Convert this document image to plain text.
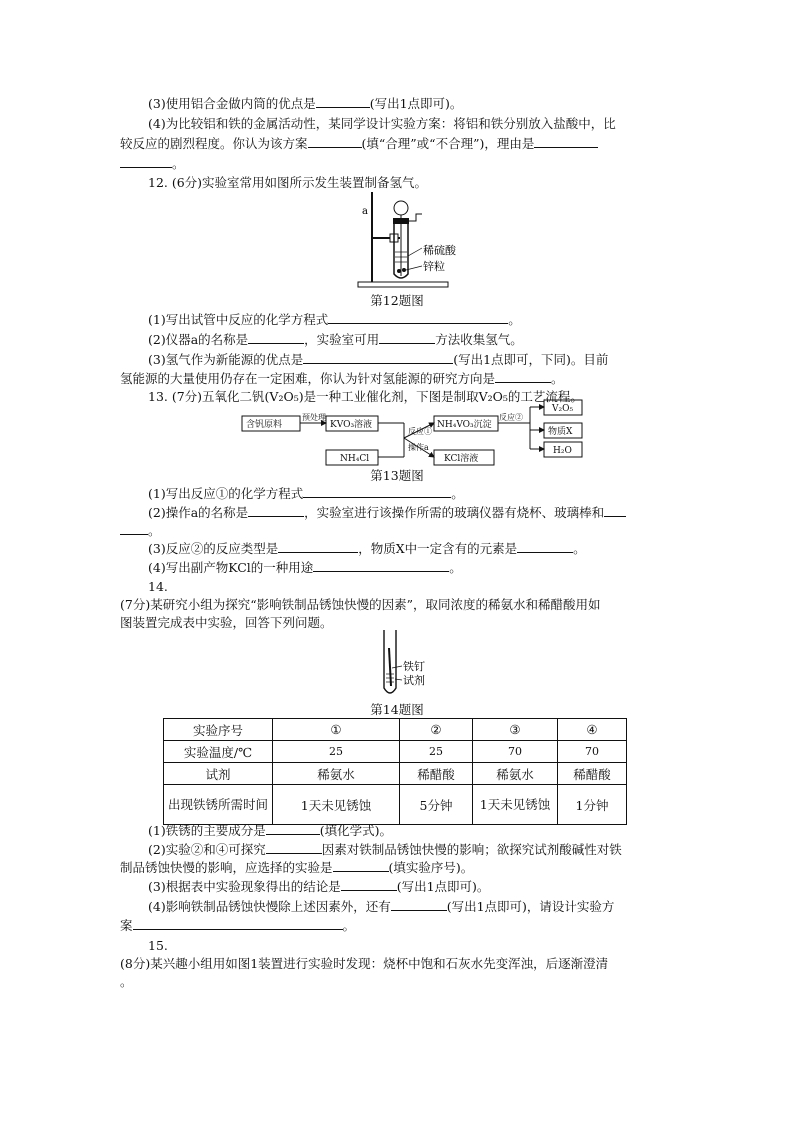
(3)使用铝合金做内筒的优点是	(写出1点即可)。
(4)为比较铝和铁的金属活动性，某同学设计实验方案：将铝和铁分别放入盐酸中，比
较反应的剧烈程度。你认为该方案	(填“合理”或“不合理”)，理由是
。
12. (6分)实验室常用如图所示发生装置制备氢气。
a
稀硫酸
锌粒
第12题图
(1)写出试管中反应的化学方程式	。
(2)仪器a的名称是	，实验室可用	方法收集氢气。
(3)氢气作为新能源的优点是	(写出1点即可，下同)。目前
氢能源的大量使用仍存在一定困难，你认为针对氢能源的研究方向是	。
13. (7分)五氧化二钒(V₂O₅)是一种工业催化剂，下图是制取V₂O₅的工艺流程。
含钒原料
预处理
KVO₃溶液
NH₄Cl
反应①
操作a
NH₄VO₃沉淀
KCl溶液
反应②
V₂O₅
物质X
H₂O
第13题图
(1)写出反应①的化学方程式	。
(2)操作a的名称是	，实验室进行该操作所需的玻璃仪器有烧杯、玻璃棒和
。
(3)反应②的反应类型是	，物质X中一定含有的元素是	。
(4)写出副产物KCl的一种用途	。
14.
(7分)某研究小组为探究“影响铁制品锈蚀快慢的因素”，取同浓度的稀氨水和稀醋酸用如
图装置完成表中实验，回答下列问题。
铁钉
试剂
第14题图
实验序号	①	②	③	④
实验温度/℃	25	25	70	70
试剂	稀氨水	稀醋酸	稀氨水	稀醋酸
出现铁锈所需时间	1天未见锈蚀	5分钟	1天未见锈蚀	1分钟
(1)铁锈的主要成分是	(填化学式)。
(2)实验②和④可探究	因素对铁制品锈蚀快慢的影响；欲探究试剂酸碱性对铁
制品锈蚀快慢的影响，应选择的实验是	(填实验序号)。
(3)根据表中实验现象得出的结论是	(写出1点即可)。
(4)影响铁制品锈蚀快慢除上述因素外，还有	(写出1点即可)，请设计实验方
案	。
15.
(8分)某兴趣小组用如图1装置进行实验时发现：烧杯中饱和石灰水先变浑浊，后逐渐澄清
。
